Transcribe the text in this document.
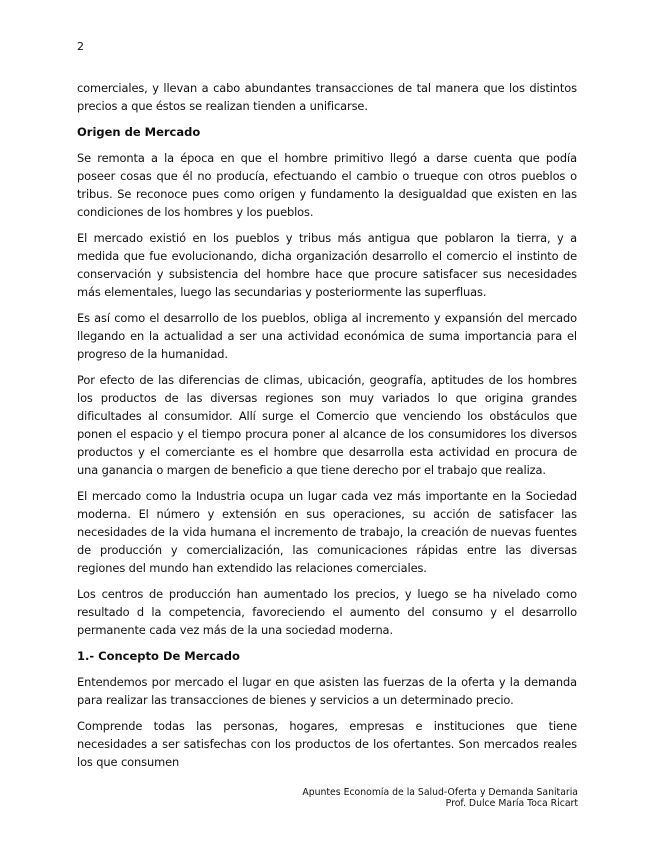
2

comerciales, y llevan a cabo abundantes transacciones de tal manera que los distintos precios a que éstos se realizan tienden a unificarse.

Origen de Mercado

Se remonta a la época en que el hombre primitivo llegó a darse cuenta que podía poseer cosas que él no producía, efectuando el cambio o trueque con otros pueblos o tribus. Se reconoce pues como origen y fundamento la desigualdad que existen en las condiciones de los hombres y los pueblos.

El mercado existió en los pueblos y tribus más antigua que poblaron la tierra, y a medida que fue evolucionando, dicha organización desarrollo el comercio el instinto de conservación y subsistencia del hombre hace que procure satisfacer sus necesidades más elementales, luego las secundarias y posteriormente las superfluas.

Es así como el desarrollo de los pueblos, obliga al incremento y expansión del mercado llegando en la actualidad a ser una actividad económica de suma importancia para el progreso de la humanidad.

Por efecto de las diferencias de climas, ubicación, geografía, aptitudes de los hombres los productos de las diversas regiones son muy variados lo que origina grandes dificultades al consumidor. Allí surge el Comercio que venciendo los obstáculos que ponen el espacio y el tiempo procura poner al alcance de los consumidores los diversos productos y el comerciante es el hombre que desarrolla esta actividad en procura de una ganancia o margen de beneficio a que tiene derecho por el trabajo que realiza.

El mercado como la Industria ocupa un lugar cada vez más importante en la Sociedad moderna. El número y extensión en sus operaciones, su acción de satisfacer las necesidades de la vida humana el incremento de trabajo, la creación de nuevas fuentes de producción y comercialización, las comunicaciones rápidas entre las diversas regiones del mundo han extendido las relaciones comerciales.

Los centros de producción han aumentado los precios, y luego se ha nivelado como resultado d la competencia, favoreciendo el aumento del consumo y el desarrollo permanente cada vez más de la una sociedad moderna.

1.- Concepto De Mercado

Entendemos por mercado el lugar en que asisten las fuerzas de la oferta y la demanda para realizar las transacciones de bienes y servicios a un determinado precio.

Comprende todas las personas, hogares, empresas e instituciones que tiene necesidades a ser satisfechas con los productos de los ofertantes. Son mercados reales los que consumen

Apuntes Economía de la Salud-Oferta y Demanda Sanitaria
Prof. Dulce María Toca Ricart
